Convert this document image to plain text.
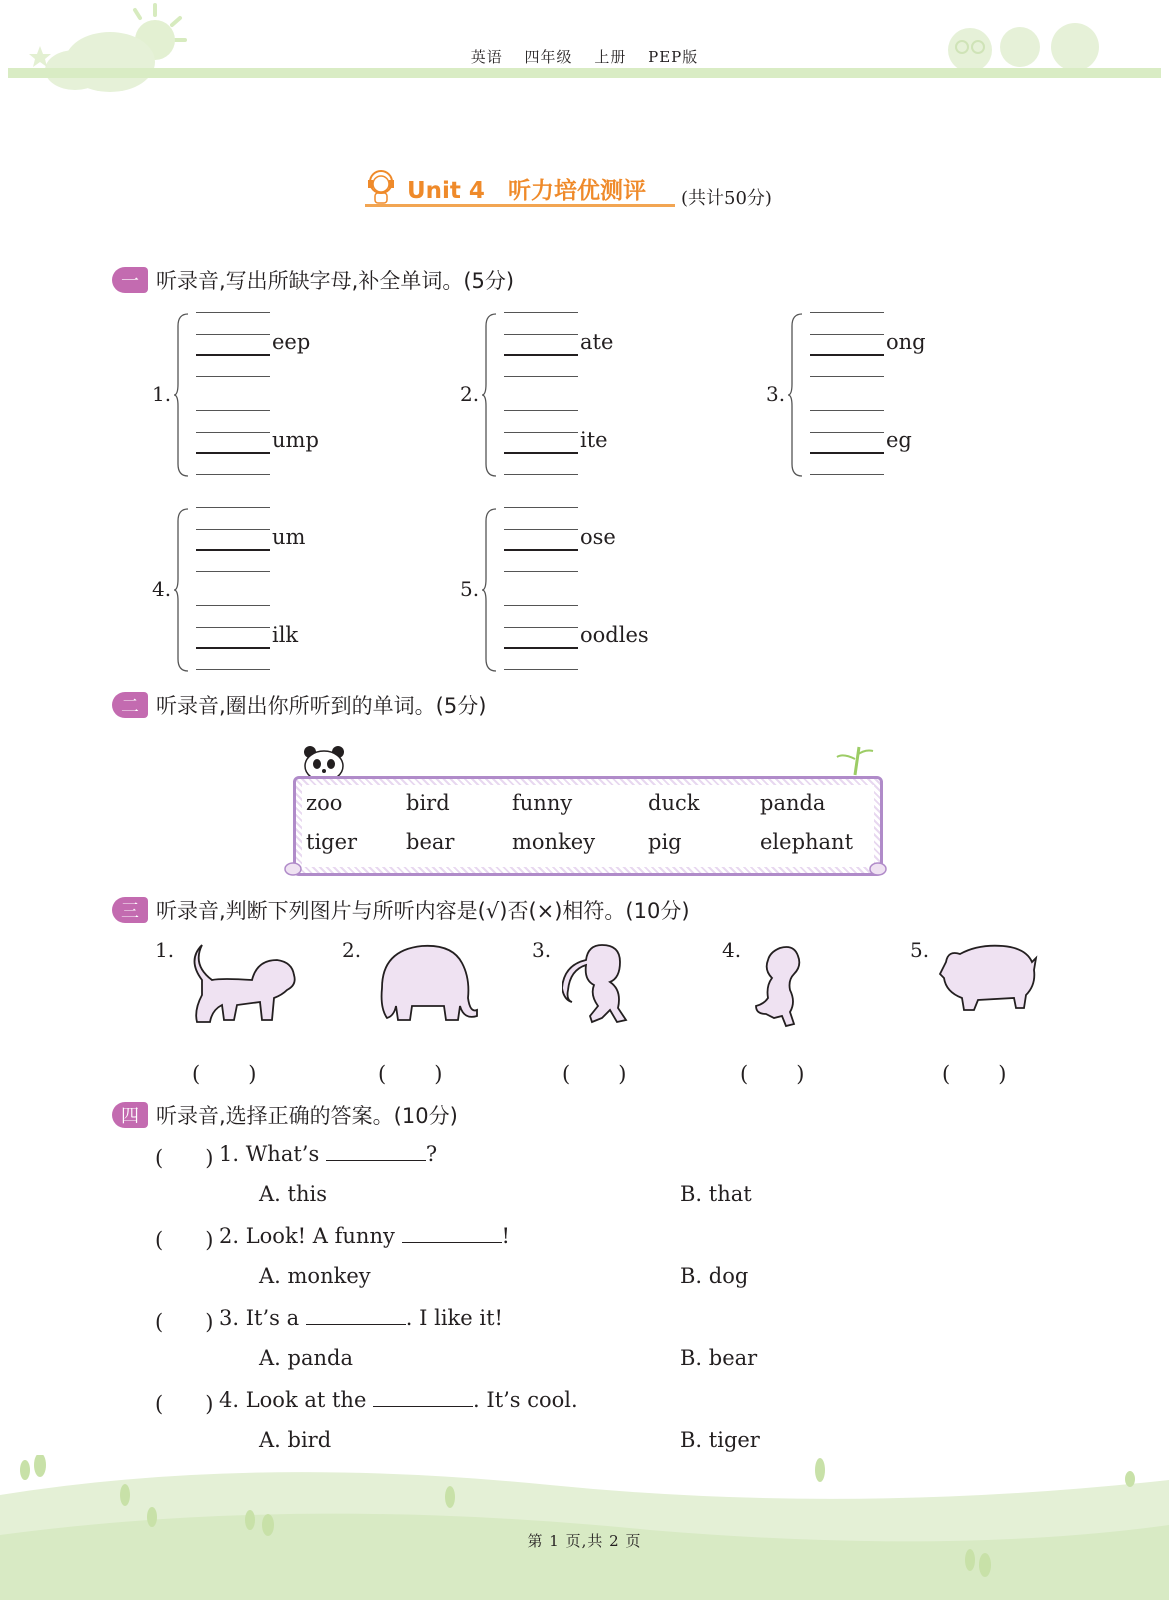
英语 四年级 上册 PEP版
Unit 4　听力培优测评 (共计50分)
一 听录音,写出所缺字母,补全单词。(5分)
1.
eep
ump
2.
ate
ite
3.
ong
eg
4.
um
ilk
5.
ose
oodles
二 听录音,圈出你所听到的单词。(5分)
zoo	bird	funny	duck	panda
tiger bear	monkey	pig	elephant
三 听录音,判断下列图片与所听内容是(√)否(×)相符。(10分)
1.	2.	3.	4.	5.
(　　)	(　　)	(　　)	(　　)	(　　)
四 听录音,选择正确的答案。(10分)
(　　) 1. What’s	?
A. this	B. that
(　　) 2. Look! A funny	!
A. monkey	B. dog
(　　) 3. It’s a	. I like it!
A. panda	B. bear
(　　) 4. Look at the	. It’s cool.
A. bird	B. tiger
第 1 页,共 2 页
